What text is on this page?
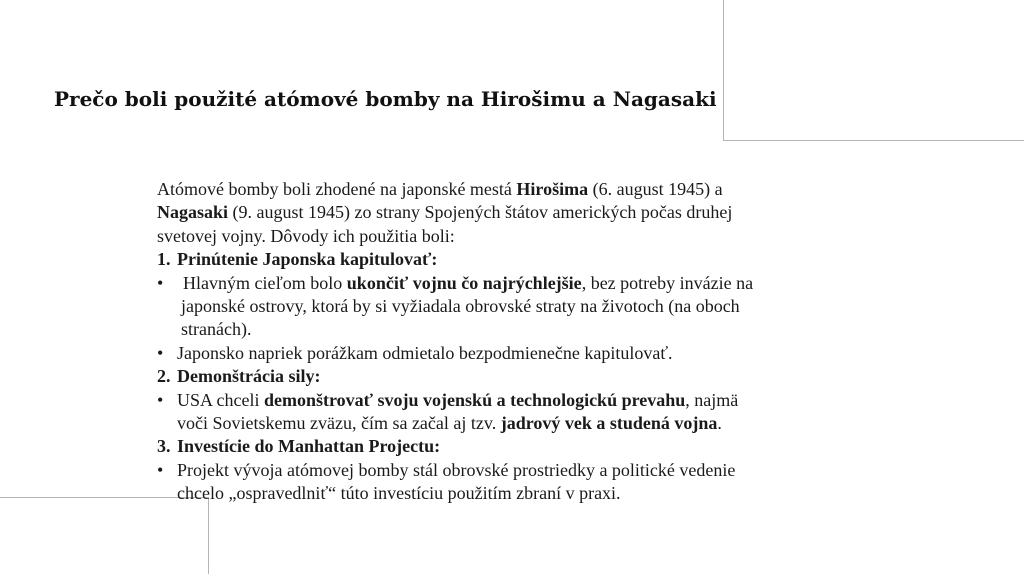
Prečo boli použité atómové bomby na Hirošimu a Nagasaki
Atómové bomby boli zhodené na japonské mestá Hirošima (6. august 1945) a
Nagasaki (9. august 1945) zo strany Spojených štátov amerických počas druhej
svetovej vojny. Dôvody ich použitia boli:
1. Prinútenie Japonska kapitulovať:
• Hlavným cieľom bolo ukončiť vojnu čo najrýchlejšie, bez potreby invázie na
japonské ostrovy, ktorá by si vyžiadala obrovské straty na životoch (na oboch
stranách).
• Japonsko napriek porážkam odmietalo bezpodmienečne kapitulovať.
2. Demonštrácia sily:
• USA chceli demonštrovať svoju vojenskú a technologickú prevahu, najmä
voči Sovietskemu zväzu, čím sa začal aj tzv. jadrový vek a studená vojna.
3. Investície do Manhattan Projectu:
• Projekt vývoja atómovej bomby stál obrovské prostriedky a politické vedenie
chcelo „ospravedlniť“ túto investíciu použitím zbraní v praxi.
